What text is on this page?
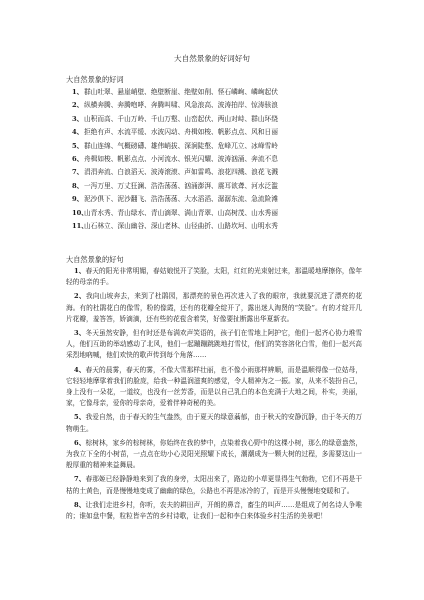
大自然景象的好词好句
大自然景象的好词
1、群山吐翠、悬崖峭壁、绝壁断崖、绝壁如削、怪石嶙峋、嶙峋起伏
2、纵横奔腾、奔腾咆哮、奔腾叫啸、风急浪高、波涛拍岸、惊涛骇浪
3、山积而高、千山万岭、千山万壑、山峦起伏、两山对峙、群山环绕
4、拒绝有声、水流平缓、水波闪动、舟楫如梭、帆影点点、风和日丽
5、群山连绵、气概磅礴、雄伟峭拔、深涧陡壑、危峰兀立、冰峰雪岭
6、舟楫如梭、帆影点点、小河流水、银光闪耀、波涛汹涌、奔流不息
7、涓涓奔流、白浪滔天、波涛滚滚、声如雷鸣、浪花四溅、浪花飞溅
8、一泻万里、万丈狂澜、浩浩荡荡、汹涌澎湃、震耳欲聋、河水泛滥
9、泥沙俱下、泥沙翻飞、浩浩荡荡、大水滔滔、潺潺东流、急流险滩
10、山青水秀、青山绿水、青山滴翠、满山青翠、山高树茂、山水秀丽
11、山石林立、深山幽谷、深山老林、山径曲折、山路坎坷、山明水秀
大自然景象的好句

1、春天的阳光非常明媚，春姑娘悦开了笑脸，太阳，红红的光束射过来，那温暖地摩擦你，像年轻的母亲的手。

2、我向山坡奔去，来到了杜鹃园，那漂亮的景色再次进入了我的眼帘，我就要沉进了漂亮的花海。有的杜鹃花白的像雪，粉的像霞，还有的花瓣全绽开了，露出迷人淘贤的“笑脸”。有的才绽开几片花瓣，羞答答，娇滴滴，还有些的花苞含着笑，好像要扯断露出华夏新衣。

3、冬天虽然安静，但有时还是布满欢声笑语的，孩子们在雪地上阿护它，他们一起齐心协力堆雪人，他们互助的举动感动了北风，他们一起蹦蹦跳跳地打雪仗，他们的笑容溶化白雪，他们一起兴高采烈地吶喊，他们欢快的歌声传到每个角落……

4、春天的晨雾，春天的雾，不像大雪那样壮丽，也不像小雨那样辨顺，而是温顺得像一位姑母，它轻轻地摩挲着我们的脸庞，给我一种温润滋爽的感觉，令人精神为之一振。家，从来不装扮自己，身上没有一朵花，一道纹，也没有一丝芳香，而是以自己乳白的本色充满于大地之间，朴实，美丽，家，它像母亲，爱你的母亲奇，爱着伴神奇秘的美。

5、我爱自然，由于春天的生气盎然，由于夏天的绿意蓊郁，由于秋天的安静沉静，由于冬天的万物萌生。

6、棕树林，家乡的棕树林，你始终在我的梦中，点染着我心野中的这棵小树，那么的绿意盎然，为我立下全的小树苗，一点点在幼小心灵阳光照耀下成长，潮潮成为一颗大树的过程，多需要这山一般厚重的精神来益舞晨。

7、春那姬已经静静地来到了我的身旁，太阳出来了，路边的小草更显得生气勃勃，它们不再是干枯的土黄色，而是慢慢地变成了幽幽的绿色，公路也不再是冰冷的了，而是开头慢慢地变暖和了。

8、让我们走进乡村，你听，农夫的耕田声，开朗的鼻音，畜生的叫声……是组成了何名诗人争唯的；谁如盘中餐，粒粒皆辛苦的乡村诗歌，让我们一起和李白来体验乡村生活的美景吧！
